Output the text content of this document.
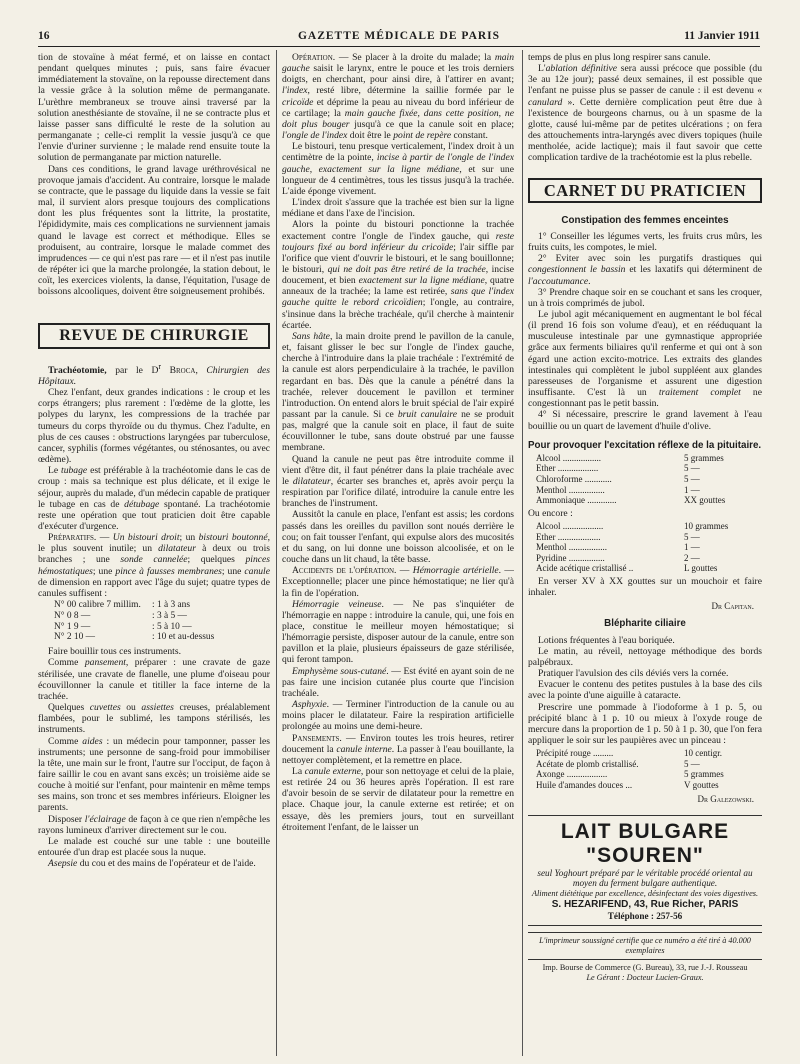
16	GAZETTE MÉDICALE DE PARIS	11 Janvier 1911

tion de stovaïne à méat fermé, et on laisse en contact pendant quelques minutes ; puis, sans faire évacuer immédiatement la stovaïne, on la repousse directement dans la vessie grâce à la solution même de permanganate. L'urèthre membraneux se trouve ainsi traversé par la solution anesthésiante de stovaïne, il ne se contracte plus et laisse passer sans difficulté le reste de la solution au permanganate ; celle-ci remplit la vessie jusqu'à ce que l'envie d'uriner survienne ; le malade rend ensuite toute la solution de permanganate par miction naturelle.

Dans ces conditions, le grand lavage uréthrovésical ne provoque jamais d'accident. Au contraire, lorsque le malade se contracte, que le passage du liquide dans la vessie se fait mal, il survient alors presque toujours des complications dont les plus fréquentes sont la littrite, la prostatite, l'épididymite, mais ces complications ne surviennent jamais quand le lavage est correct et méthodique. Elles se produisent, au contraire, lorsque le malade commet des imprudences — ce qui n'est pas rare — et il n'est pas inutile de répéter ici que la marche prolongée, la station debout, le coït, les exercices violents, la danse, l'équitation, l'usage de boissons alcooliques, doivent être soigneusement prohibés.

REVUE DE CHIRURGIE

Trachéotomie, par le $D^r$ Broca, Chirurgien des Hôpitaux.

Chez l'enfant, deux grandes indications : le croup et les corps étrangers; plus rarement : l'œdème de la glotte, les polypes du larynx, les compressions de la trachée par tumeurs du corps thyroïde ou du thymus. Chez l'adulte, en plus de ces causes : obstructions laryngées par tuberculose, cancer, syphilis (formes végétantes, ou sténosantes, ou avec œdème).

Le tubage est préférable à la trachéotomie dans le cas de croup : mais sa technique est plus délicate, et il exige le séjour, auprès du malade, d'un médecin capable de pratiquer le tubage en cas de détubage spontané. La trachéotomie reste une opération que tout praticien doit être capable d'exécuter d'urgence.

Préparatifs. — Un bistouri droit; un bistouri boutonné, le plus souvent inutile; un dilatateur à deux ou trois branches ; une sonde cannelée; quelques pinces hémostatiques; une pince à fausses membranes; une canule de dimension en rapport avec l'âge du sujet; quatre types de canules suffisent :

N° 00 calibre 7 millim.	: 1 à 3 ans
N° 0 8 —	: 3 à 5 —
N° 1 9 —	: 5 à 10 —
N° 2 10 —	: 10 et au-dessus

Faire bouillir tous ces instruments.

Comme pansement, préparer : une cravate de gaze stérilisée, une cravate de flanelle, une plume d'oiseau pour écouvillonner la canule et titiller la face interne de la trachée.

Quelques cuvettes ou assiettes creuses, préalablement flambées, pour le sublimé, les tampons stérilisés, les instruments.

Comme aides : un médecin pour tamponner, passer les instruments; une personne de sang-froid pour immobiliser la tête, une main sur le front, l'autre sur l'occiput, de façon à faire saillir le cou en avant sans excès; un troisième aide se couche à moitié sur l'enfant, pour maintenir en même temps ses mains, son tronc et ses membres inférieurs. Eloigner les parents.

Disposer l'éclairage de façon à ce que rien n'empêche les rayons lumineux d'arriver directement sur le cou.

Le malade est couché sur une table : une bouteille entourée d'un drap est placée sous la nuque.

Asepsie du cou et des mains de l'opérateur et de l'aide.

Opération. — Se placer à la droite du malade; la main gauche saisit le larynx, entre le pouce et les trois derniers doigts, en cherchant, pour ainsi dire, à l'attirer en avant; l'index, resté libre, détermine la saillie formée par le cricoïde et déprime la peau au niveau du bord inférieur de ce cartilage; la main gauche fixée, dans cette position, ne doit plus bouger jusqu'à ce que la canule soit en place; l'ongle de l'index doit être le point de repère constant.

Le bistouri, tenu presque verticalement, l'index droit à un centimètre de la pointe, incise à partir de l'ongle de l'index gauche, exactement sur la ligne médiane, et sur une longueur de 4 centimètres, tous les tissus jusqu'à la trachée. L'aide éponge vivement.

L'index droit s'assure que la trachée est bien sur la ligne médiane et dans l'axe de l'incision.

Alors la pointe du bistouri ponctionne la trachée exactement contre l'ongle de l'index gauche, qui reste toujours fixé au bord inférieur du cricoïde; l'air siffle par l'orifice que vient d'ouvrir le bistouri, et le sang bouillonne; le bistouri, qui ne doit pas être retiré de la trachée, incise doucement, et bien exactement sur la ligne médiane, quatre anneaux de la trachée; la lame est retirée, sans que l'index gauche quitte le rebord cricoïdien; l'ongle, au contraire, s'insinue dans la brèche trachéale, qu'il cherche à maintenir écartée.

Sans hâte, la main droite prend le pavillon de la canule, et, faisant glisser le bec sur l'ongle de l'index gauche, cherche à l'introduire dans la plaie trachéale : l'extrémité de la canule est alors perpendiculaire à la trachée, le pavillon regardant en bas. Dès que la canule a pénétré dans la trachée, relever doucement le pavillon et terminer l'introduction. On entend alors le bruit spécial de l'air expiré passant par la canule. Si ce bruit canulaire ne se produit pas, malgré que la canule soit en place, il faut de suite écouvillonner le tube, sans doute obstrué par une fausse membrane.

Quand la canule ne peut pas être introduite comme il vient d'être dit, il faut pénétrer dans la plaie trachéale avec le dilatateur, écarter ses branches et, après avoir perçu la respiration par l'orifice dilaté, introduire la canule entre les branches de l'instrument.

Aussitôt la canule en place, l'enfant est assis; les cordons passés dans les oreilles du pavillon sont noués derrière le cou; on fait tousser l'enfant, qui expulse alors des mucosités et du sang, on lui donne une boisson alcoolisée, et on le couche dans un lit chaud, la tête basse.

Accidents de l'opération. — Hémorragie artérielle. — Exceptionnelle; placer une pince hémostatique; ne lier qu'à la fin de l'opération.

Hémorragie veineuse. — Ne pas s'inquiéter de l'hémorragie en nappe : introduire la canule, qui, une fois en place, constitue le meilleur moyen hémostatique; si l'hémorragie persiste, disposer autour de la canule, entre son pavillon et la plaie, plusieurs épaisseurs de gaze stérilisée, qui feront tampon.

Emphysème sous-cutané. — Est évité en ayant soin de ne pas faire une incision cutanée plus courte que l'incision trachéale.

Asphyxie. — Terminer l'introduction de la canule ou au moins placer le dilatateur. Faire la respiration artificielle prolongée au moins une demi-heure.

Pansements. — Environ toutes les trois heures, retirer doucement la canule interne. La passer à l'eau bouillante, la nettoyer complètement, et la remettre en place.

La canule externe, pour son nettoyage et celui de la plaie, est retirée 24 ou 36 heures après l'opération. Il est rare d'avoir besoin de se servir de dilatateur pour la remettre en place. Chaque jour, la canule externe est retirée; et on essaye, dès les premiers jours, tout en surveillant étroitement l'enfant, de le laisser un

temps de plus en plus long respirer sans canule.

L'ablation définitive sera aussi précoce que possible (du 3e au 12e jour); passé deux semaines, il est possible que l'enfant ne puisse plus se passer de canule : il est devenu « canulard ». Cette dernière complication peut être due à l'existence de bourgeons charnus, ou à un spasme de la glotte, causé lui-même par de petites ulcérations ; on fera des attouchements intra-laryngés avec divers topiques (huile mentholée, acide lactique); mais il faut savoir que cette complication tardive de la trachéotomie est la plus rebelle.

CARNET DU PRATICIEN
Constipation des femmes enceintes

1° Conseiller les légumes verts, les fruits crus mûrs, les fruits cuits, les compotes, le miel.

2° Eviter avec soin les purgatifs drastiques qui congestionnent le bassin et les laxatifs qui déterminent de l'accoutumance.

3° Prendre chaque soir en se couchant et sans les croquer, un à trois comprimés de jubol.

Le jubol agit mécaniquement en augmentant le bol fécal (il prend 16 fois son volume d'eau), et en rééduquant la musculeuse intestinale par une gymnastique appropriée grâce aux ferments biliaires qu'il renferme et qui ont à son égard une action excito-motrice. Les extraits des glandes intestinales qui complètent le jubol suppléent aux glandes paresseuses de l'organisme et assurent une digestion insuffisante. C'est là un traitement complet ne congestionnant pas le petit bassin.

4° Si nécessaire, prescrire le grand lavement à l'eau bouillie ou un quart de lavement d'huile d'olive.

Pour provoquer l'excitation réflexe de la pituitaire.

Alcool .................	5 grammes
Ether ..................	5 —
Chloroforme ............	5 —
Menthol ................	1 —
Ammoniaque .............	XX gouttes

Ou encore :

Alcool ..................	10 grammes
Ether ...................	5 —
Menthol .................	1 —
Pyridine ................	2 —
Acide acétique cristallisé ..	L gouttes

En verser XV à XX gouttes sur un mouchoir et faire inhaler.

Dr Capitan.
Blépharite ciliaire

Lotions fréquentes à l'eau boriquée.

Le matin, au réveil, nettoyage méthodique des bords palpébraux.

Pratiquer l'avulsion des cils déviés vers la cornée.

Evacuer le contenu des petites pustules à la base des cils avec la pointe d'une aiguille à cataracte.

Prescrire une pommade à l'iodoforme à 1 p. 5, ou précipité blanc à 1 p. 10 ou mieux à l'oxyde rouge de mercure dans la proportion de 1 p. 50 à 1 p. 30, que l'on fera appliquer le soir sur les paupières avec un pinceau :

Précipité rouge .........	10 centigr.
Acétate de plomb cristallisé.	5 —
Axonge ..................	5 grammes
Huile d'amandes douces ...	V gouttes
Dr Galezowski.
LAIT BULGARE "SOUREN"
seul Yoghourt préparé par le véritable procédé oriental au moyen du ferment bulgare authentique.
Aliment diététique par excellence, désinfectant des voies digestives.
S. HEZARIFEND, 43, Rue Richer, PARIS
Téléphone : 257-56
L'imprimeur soussigné certifie que ce numéro a été tiré à 40.000 exemplaires
Imp. Bourse de Commerce (G. Bureau), 33, rue J.-J. Rousseau
Le Gérant : Docteur Lucien-Graux.
